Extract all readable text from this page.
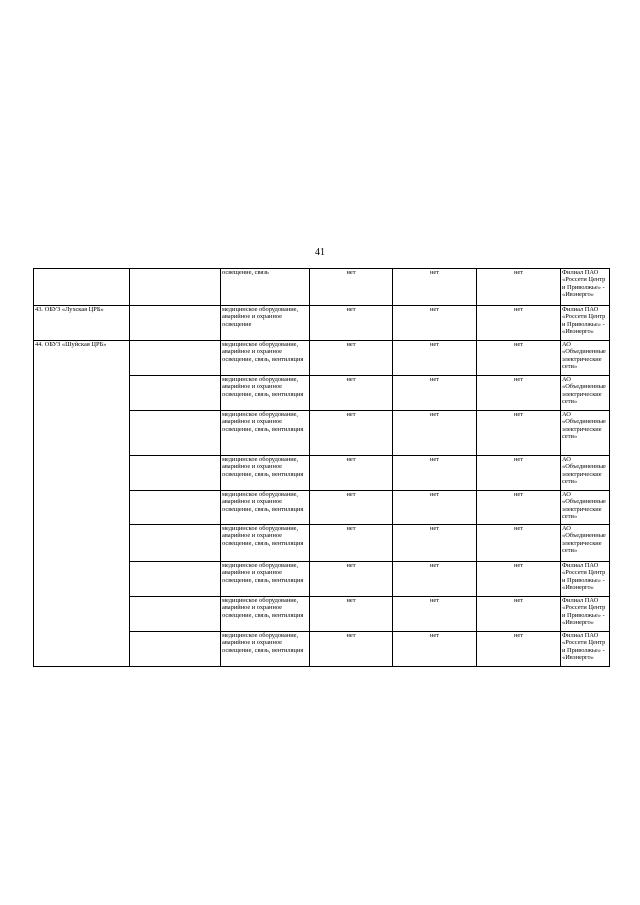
41
		освещение, связь	нет	нет	нет	Филиал ПАО «Россети Центр и Приволжье» - «Ивэнерго»
43. ОБУЗ «Лухская ЦРБ»		медицинское оборудование, аварийное и охранное освещение	нет	нет	нет	Филиал ПАО «Россети Центр и Приволжье» - «Ивэнерго»
44. ОБУЗ «Шуйская ЦРБ»		медицинское оборудование, аварийное и охранное освещение, связь, вентиляция	нет	нет	нет	АО «Объединенные электрические сети»
		медицинское оборудование, аварийное и охранное освещение, связь, вентиляция	нет	нет	нет	АО «Объединенные электрические сети»
		медицинское оборудование, аварийное и охранное освещение, связь, вентиляция	нет	нет	нет	АО «Объединенные электрические сети»
		медицинское оборудование, аварийное и охранное освещение, связь, вентиляция	нет	нет	нет	АО «Объединенные электрические сети»
		медицинское оборудование, аварийное и охранное освещение, связь, вентиляция	нет	нет	нет	АО «Объединенные электрические сети»
		медицинское оборудование, аварийное и охранное освещение, связь, вентиляция	нет	нет	нет	АО «Объединенные электрические сети»
		медицинское оборудование, аварийное и охранное освещение, связь, вентиляция	нет	нет	нет	Филиал ПАО «Россети Центр и Приволжье» - «Ивэнерго»
		медицинское оборудование, аварийное и охранное освещение, связь, вентиляция	нет	нет	нет	Филиал ПАО «Россети Центр и Приволжье» - «Ивэнерго»
		медицинское оборудование, аварийное и охранное освещение, связь, вентиляция	нет	нет	нет	Филиал ПАО «Россети Центр и Приволжье» - «Ивэнерго»
